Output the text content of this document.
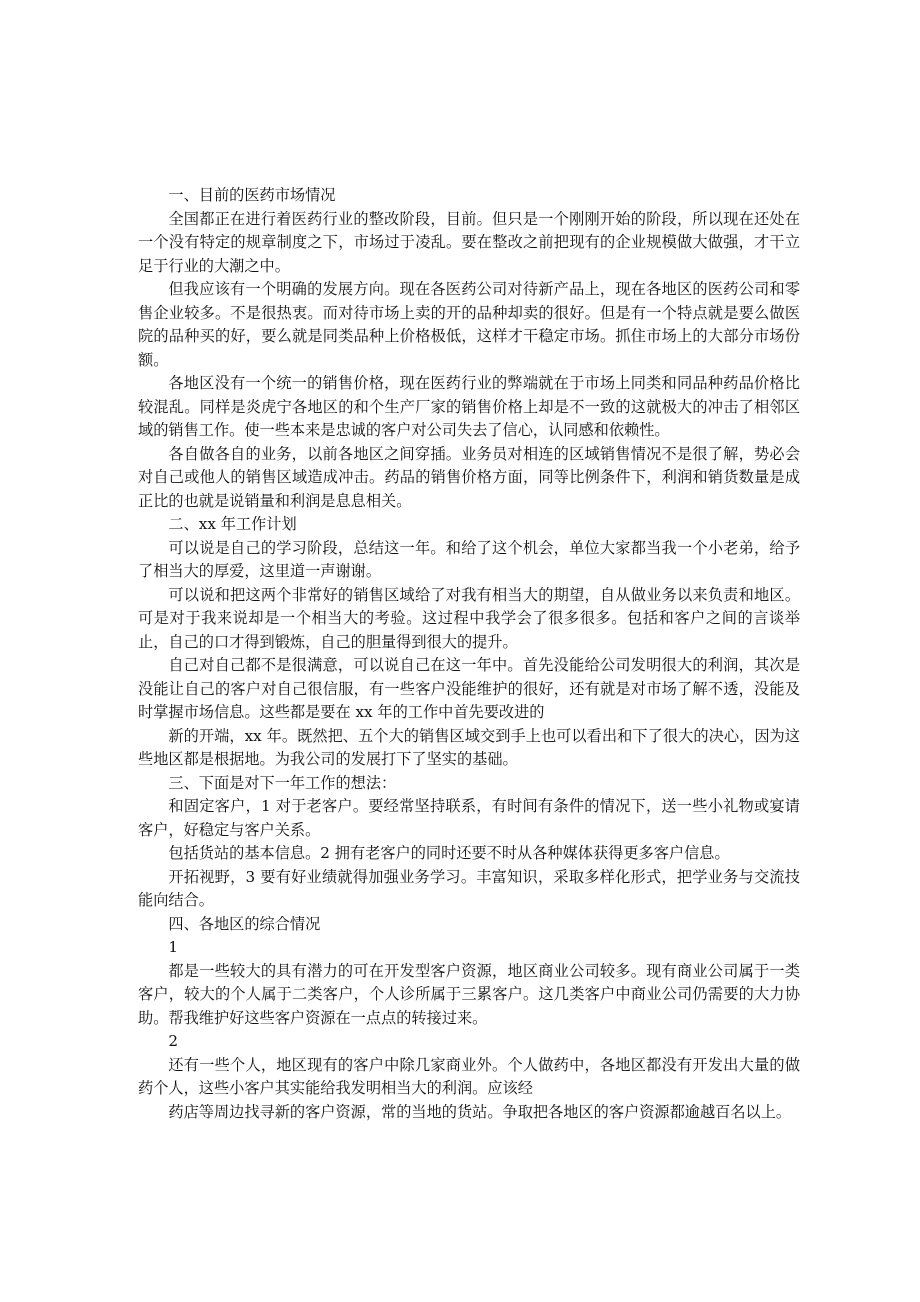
一、目前的医药市场情况

全国都正在进行着医药行业的整改阶段，目前。但只是一个刚刚开始的阶段，所以现在还处在一个没有特定的规章制度之下，市场过于凌乱。要在整改之前把现有的企业规模做大做强，才干立足于行业的大潮之中。

但我应该有一个明确的发展方向。现在各医药公司对待新产品上，现在各地区的医药公司和零售企业较多。不是很热衷。而对待市场上卖的开的品种却卖的很好。但是有一个特点就是要么做医院的品种买的好，要么就是同类品种上价格极低，这样才干稳定市场。抓住市场上的大部分市场份额。

各地区没有一个统一的销售价格，现在医药行业的弊端就在于市场上同类和同品种药品价格比较混乱。同样是炎虎宁各地区的和个生产厂家的销售价格上却是不一致的这就极大的冲击了相邻区域的销售工作。使一些本来是忠诚的客户对公司失去了信心，认同感和依赖性。

各自做各自的业务，以前各地区之间穿插。业务员对相连的区域销售情况不是很了解，势必会对自己或他人的销售区域造成冲击。药品的销售价格方面，同等比例条件下，利润和销货数量是成正比的也就是说销量和利润是息息相关。

二、xx 年工作计划

可以说是自己的学习阶段，总结这一年。和给了这个机会，单位大家都当我一个小老弟，给予了相当大的厚爱，这里道一声谢谢。

可以说和把这两个非常好的销售区域给了对我有相当大的期望，自从做业务以来负责和地区。可是对于我来说却是一个相当大的考验。这过程中我学会了很多很多。包括和客户之间的言谈举止，自己的口才得到锻炼，自己的胆量得到很大的提升。

自己对自己都不是很满意，可以说自己在这一年中。首先没能给公司发明很大的利润，其次是没能让自己的客户对自己很信服，有一些客户没能维护的很好，还有就是对市场了解不透，没能及时掌握市场信息。这些都是要在 xx 年的工作中首先要改进的

新的开端，xx 年。既然把、五个大的销售区域交到手上也可以看出和下了很大的决心，因为这些地区都是根据地。为我公司的发展打下了坚实的基础。

三、下面是对下一年工作的想法：

和固定客户，1 对于老客户。要经常坚持联系，有时间有条件的情况下，送一些小礼物或宴请客户，好稳定与客户关系。

包括货站的基本信息。2 拥有老客户的同时还要不时从各种媒体获得更多客户信息。

开拓视野，3 要有好业绩就得加强业务学习。丰富知识，采取多样化形式，把学业务与交流技能向结合。

四、各地区的综合情况

1

都是一些较大的具有潜力的可在开发型客户资源，地区商业公司较多。现有商业公司属于一类客户，较大的个人属于二类客户，个人诊所属于三累客户。这几类客户中商业公司仍需要的大力协助。帮我维护好这些客户资源在一点点的转接过来。

2

还有一些个人，地区现有的客户中除几家商业外。个人做药中，各地区都没有开发出大量的做药个人，这些小客户其实能给我发明相当大的利润。应该经

药店等周边找寻新的客户资源，常的当地的货站。争取把各地区的客户资源都逾越百名以上。
